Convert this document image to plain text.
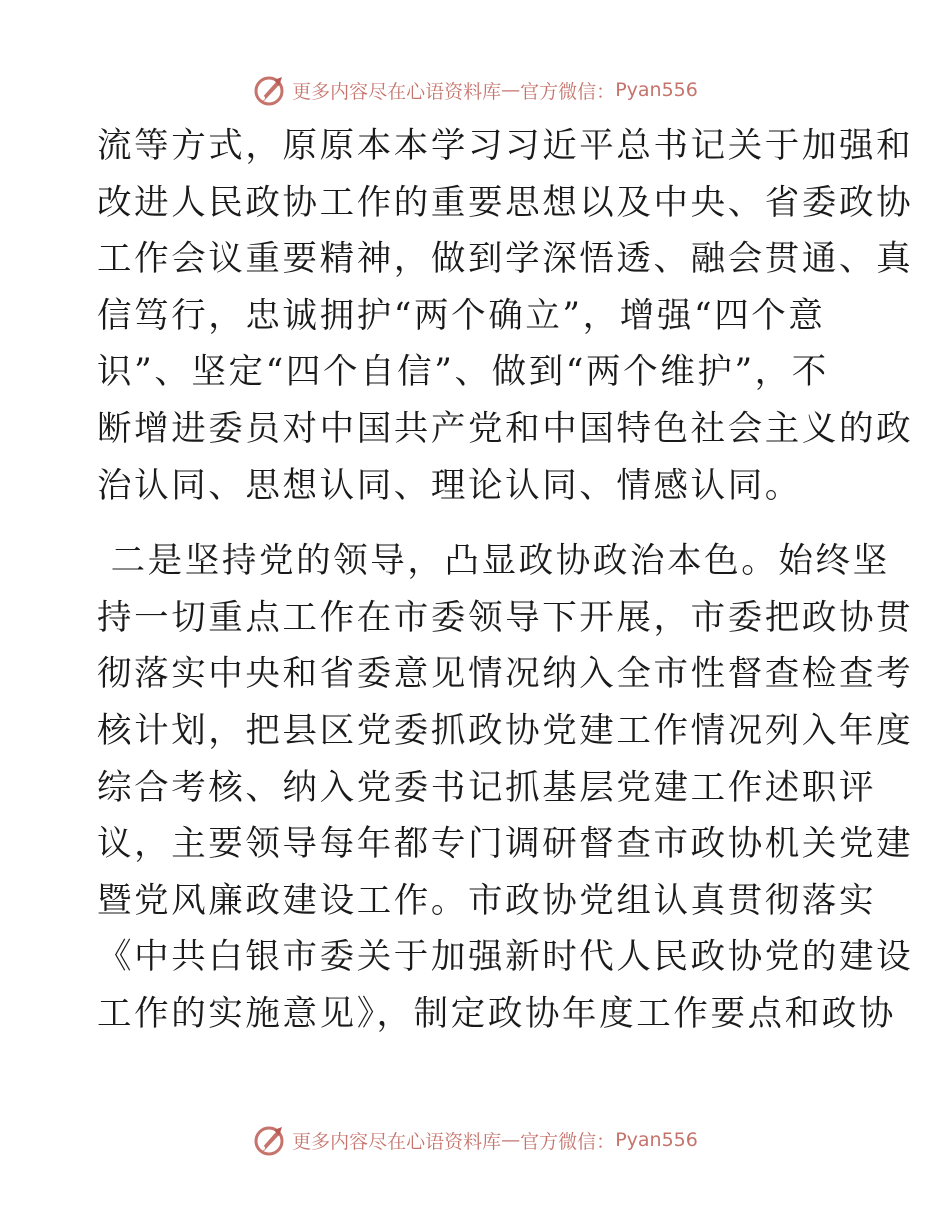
更多内容尽在心语资料库 — 官方微信： Pyan556
流等方式，原原本本学习习近平总书记关于加强和
改进人民政协工作的重要思想以及中央、省委政协
工作会议重要精神，做到学深悟透、融会贯通、真
信笃行，忠诚拥护“两个确立”，增强“四个意
识”、坚定“四个自信”、做到“两个维护”，不
断增进委员对中国共产党和中国特色社会主义的政
治认同、思想认同、理论认同、情感认同。
二是坚持党的领导，凸显政协政治本色。始终坚
持一切重点工作在市委领导下开展，市委把政协贯
彻落实中央和省委意见情况纳入全市性督查检查考
核计划，把县区党委抓政协党建工作情况列入年度
综合考核、纳入党委书记抓基层党建工作述职评
议，主要领导每年都专门调研督查市政协机关党建
暨党风廉政建设工作。市政协党组认真贯彻落实
《中共白银市委关于加强新时代人民政协党的建设
工作的实施意见》，制定政协年度工作要点和政协
更多内容尽在心语资料库 — 官方微信： Pyan556
